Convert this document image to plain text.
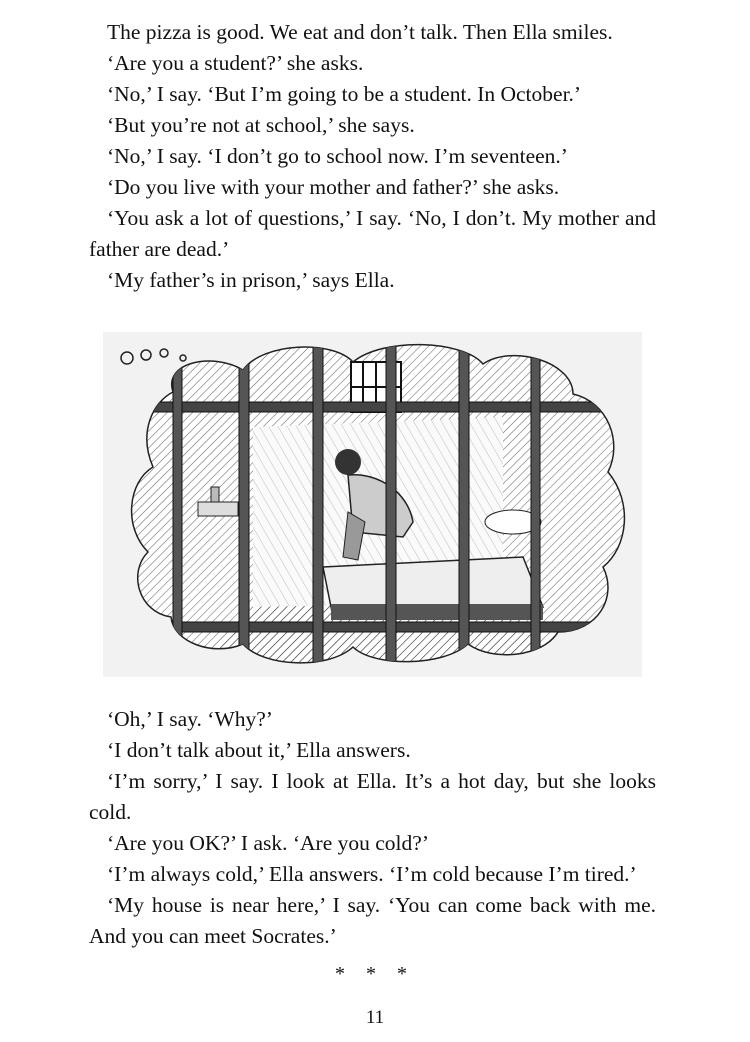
The pizza is good. We eat and don’t talk. Then Ella smiles.

‘Are you a student?’ she asks.

‘No,’ I say. ‘But I’m going to be a student. In October.’

‘But you’re not at school,’ she says.

‘No,’ I say. ‘I don’t go to school now. I’m seventeen.’

‘Do you live with your mother and father?’ she asks.

‘You ask a lot of questions,’ I say. ‘No, I don’t. My mother and father are dead.’

‘My father’s in prison,’ says Ella.

‘Oh,’ I say. ‘Why?’

‘I don’t talk about it,’ Ella answers.

‘I’m sorry,’ I say. I look at Ella. It’s a hot day, but she looks cold.

‘Are you OK?’ I ask. ‘Are you cold?’

‘I’m always cold,’ Ella answers. ‘I’m cold because I’m tired.’

‘My house is near here,’ I say. ‘You can come back with me. And you can meet Socrates.’

* * *
11
